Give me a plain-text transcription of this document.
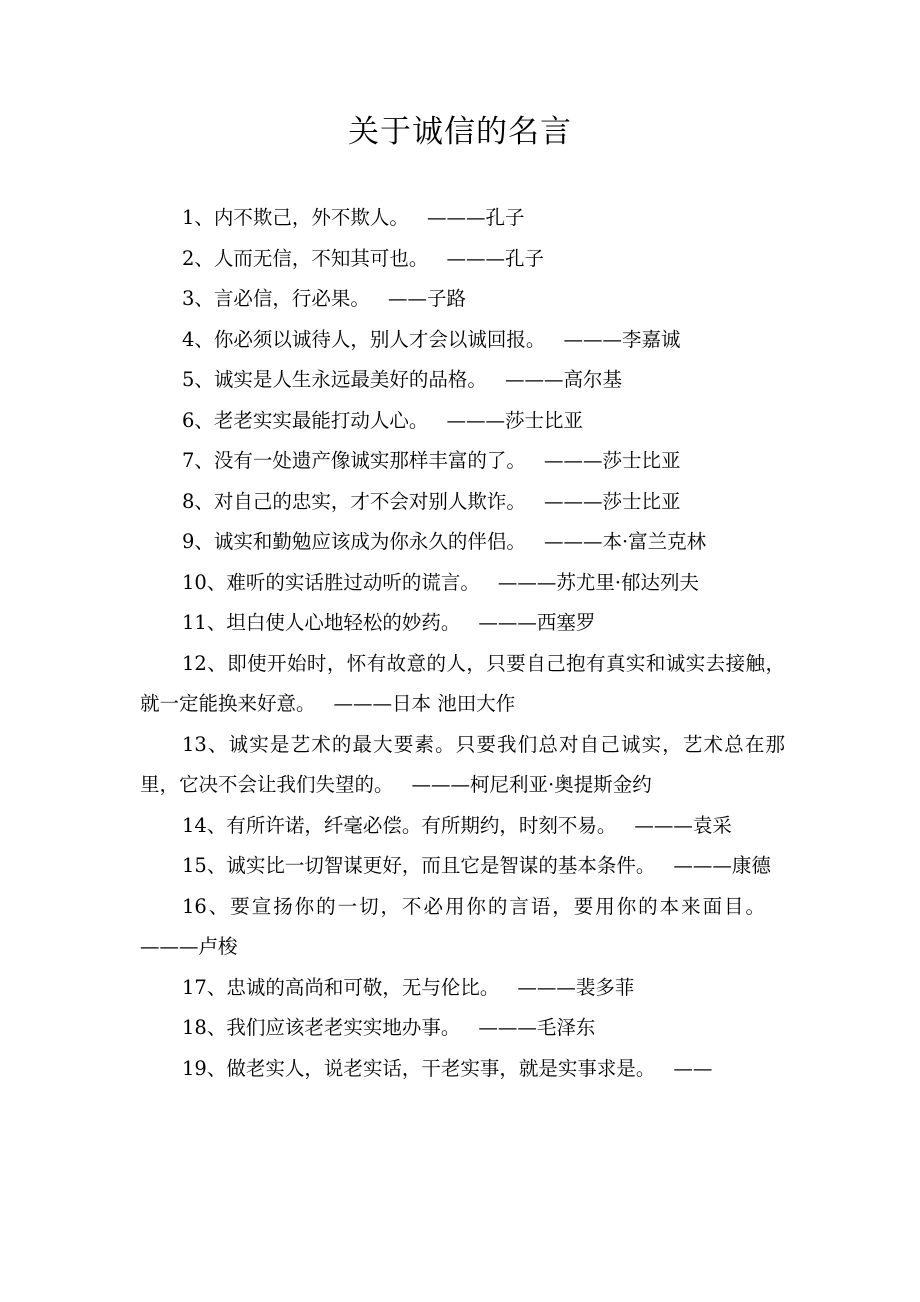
关于诚信的名言
1、内不欺己，外不欺人。 ———孔子
2、人而无信，不知其可也。 ———孔子
3、言必信，行必果。 ——子路
4、你必须以诚待人，别人才会以诚回报。 ———李嘉诚
5、诚实是人生永远最美好的品格。 ———高尔基
6、老老实实最能打动人心。 ———莎士比亚
7、没有一处遗产像诚实那样丰富的了。 ———莎士比亚
8、对自己的忠实，才不会对别人欺诈。 ———莎士比亚
9、诚实和勤勉应该成为你永久的伴侣。 ———本·富兰克林
10、难听的实话胜过动听的谎言。 ———苏尤里·郁达列夫
11、坦白使人心地轻松的妙药。 ———西塞罗
12、即使开始时，怀有故意的人，只要自己抱有真实和诚实去接触，就一定能换来好意。 ———日本 池田大作
13、诚实是艺术的最大要素。只要我们总对自己诚实，艺术总在那里，它决不会让我们失望的。 ———柯尼利亚·奥提斯金约
14、有所许诺，纤毫必偿。有所期约，时刻不易。 ———袁采
15、诚实比一切智谋更好，而且它是智谋的基本条件。 ———康德
16、要宣扬你的一切，不必用你的言语，要用你的本来面目。———卢梭
17、忠诚的高尚和可敬，无与伦比。 ———裴多菲
18、我们应该老老实实地办事。 ———毛泽东
19、做老实人，说老实话，干老实事，就是实事求是。 ——
